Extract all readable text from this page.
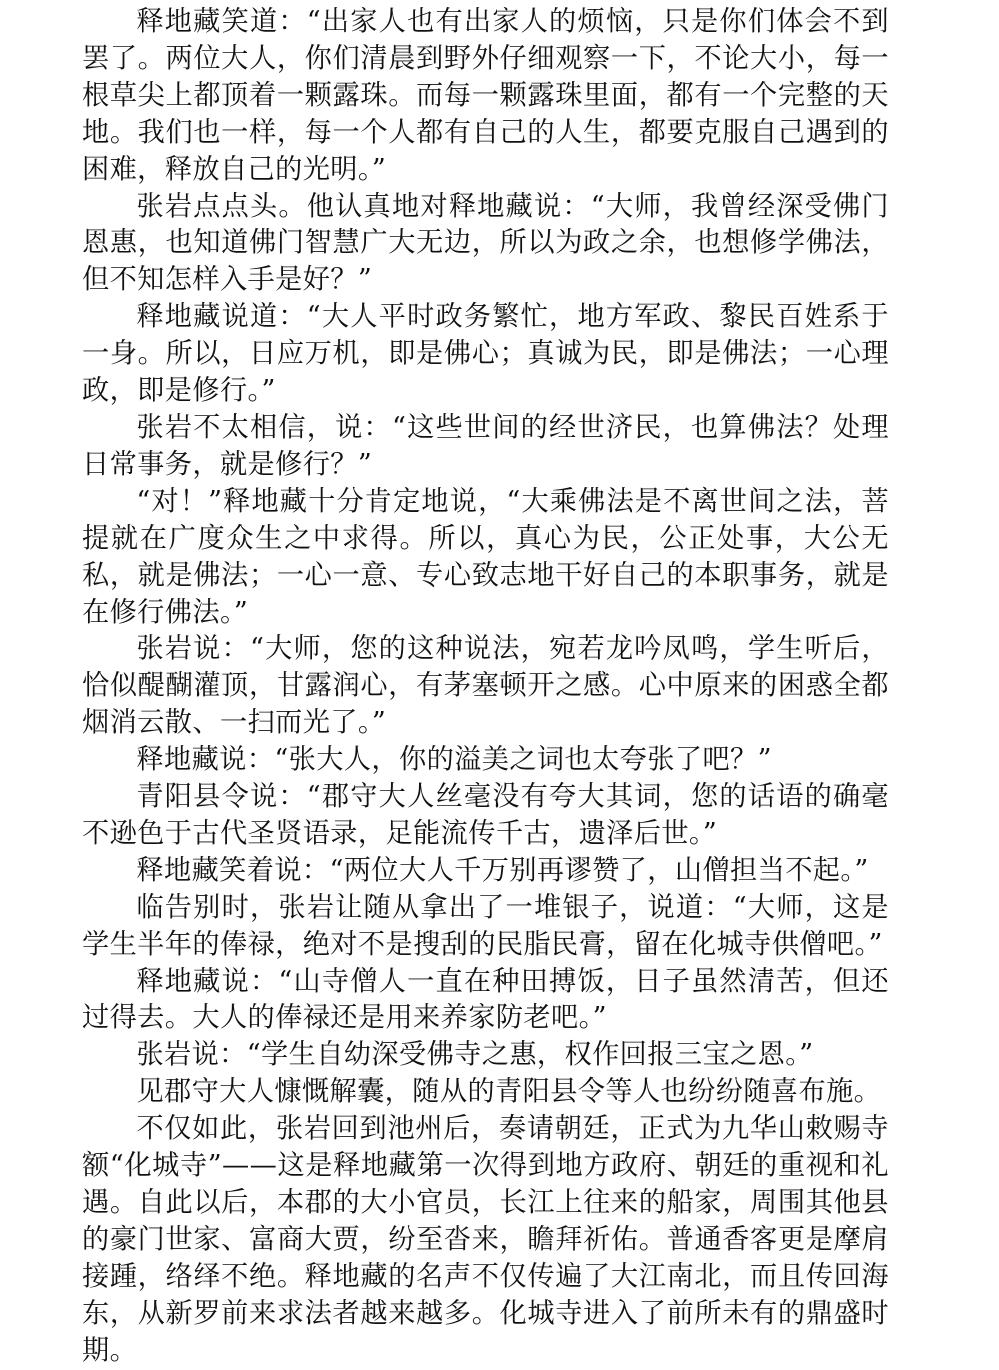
释地藏笑道：“出家人也有出家人的烦恼，只是你们体会不到罢了。两位大人，你们清晨到野外仔细观察一下，不论大小，每一根草尖上都顶着一颗露珠。而每一颗露珠里面，都有一个完整的天地。我们也一样，每一个人都有自己的人生，都要克服自己遇到的困难，释放自己的光明。”

张岩点点头。他认真地对释地藏说：“大师，我曾经深受佛门恩惠，也知道佛门智慧广大无边，所以为政之余，也想修学佛法，但不知怎样入手是好？”

释地藏说道：“大人平时政务繁忙，地方军政、黎民百姓系于一身。所以，日应万机，即是佛心；真诚为民，即是佛法；一心理政，即是修行。”

张岩不太相信，说：“这些世间的经世济民，也算佛法？处理日常事务，就是修行？”

“对！”释地藏十分肯定地说，“大乘佛法是不离世间之法，菩提就在广度众生之中求得。所以，真心为民，公正处事，大公无私，就是佛法；一心一意、专心致志地干好自己的本职事务，就是在修行佛法。”

张岩说：“大师，您的这种说法，宛若龙吟凤鸣，学生听后，恰似醍醐灌顶，甘露润心，有茅塞顿开之感。心中原来的困惑全都烟消云散、一扫而光了。”

释地藏说：“张大人，你的溢美之词也太夸张了吧？”

青阳县令说：“郡守大人丝毫没有夸大其词，您的话语的确毫不逊色于古代圣贤语录，足能流传千古，遗泽后世。”

释地藏笑着说：“两位大人千万别再谬赞了，山僧担当不起。”

临告别时，张岩让随从拿出了一堆银子，说道：“大师，这是学生半年的俸禄，绝对不是搜刮的民脂民膏，留在化城寺供僧吧。”

释地藏说：“山寺僧人一直在种田搏饭，日子虽然清苦，但还过得去。大人的俸禄还是用来养家防老吧。”

张岩说：“学生自幼深受佛寺之惠，权作回报三宝之恩。”

见郡守大人慷慨解囊，随从的青阳县令等人也纷纷随喜布施。

不仅如此，张岩回到池州后，奏请朝廷，正式为九华山敕赐寺额“化城寺”——这是释地藏第一次得到地方政府、朝廷的重视和礼遇。自此以后，本郡的大小官员，长江上往来的船家，周围其他县的豪门世家、富商大贾，纷至沓来，瞻拜祈佑。普通香客更是摩肩接踵，络绎不绝。释地藏的名声不仅传遍了大江南北，而且传回海东，从新罗前来求法者越来越多。化城寺进入了前所未有的鼎盛时期。
